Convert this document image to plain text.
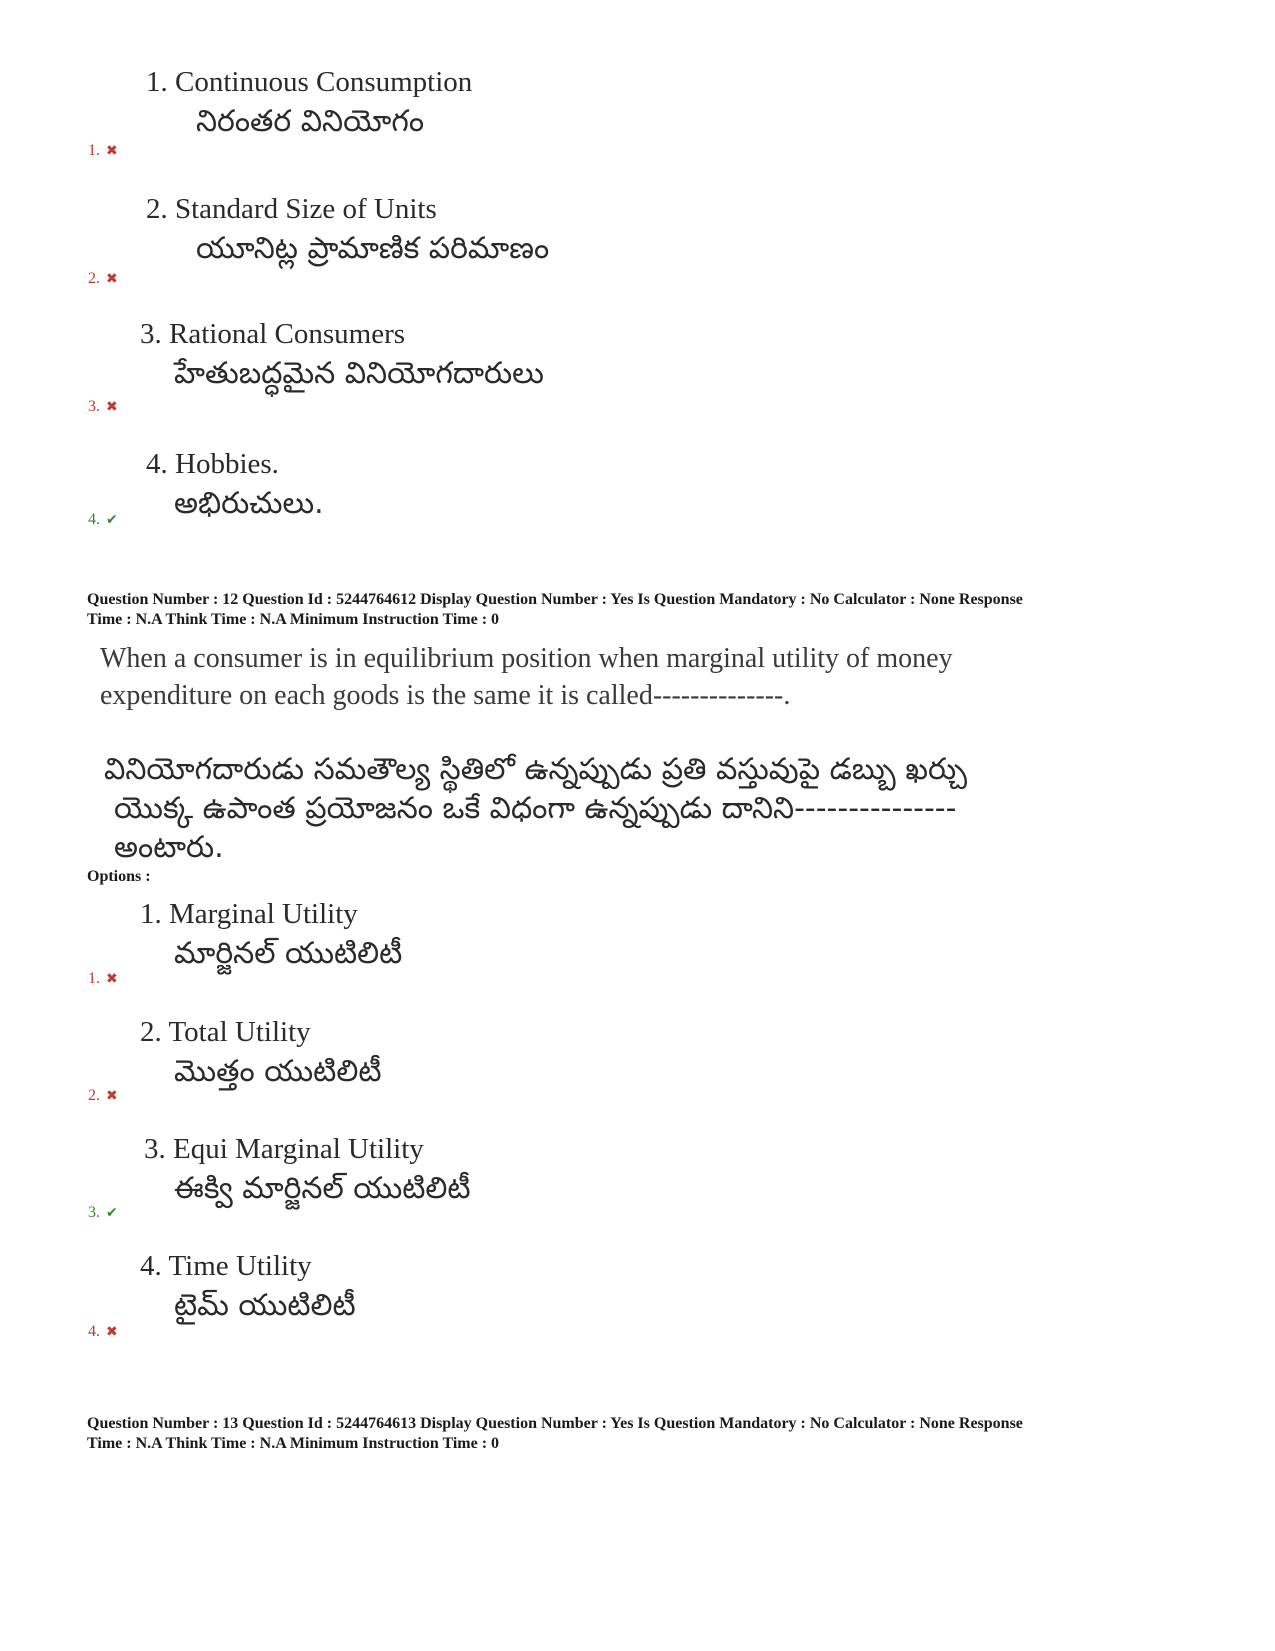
1. Continuous Consumption
నిరంతర వినియోగం
1. ✖
2. Standard Size of Units
యూనిట్ల ప్రామాణిక పరిమాణం
2. ✖
3. Rational Consumers
హేతుబద్ధమైన వినియోగదారులు
3. ✖
4. Hobbies.
అభిరుచులు.
4. ✔
Question Number : 12 Question Id : 5244764612 Display Question Number : Yes Is Question Mandatory : No Calculator : None Response
Time : N.A Think Time : N.A Minimum Instruction Time : 0
When a consumer is in equilibrium position when marginal utility of money
expenditure on each goods is the same it is called--------------.
వినియోగదారుడు సమతౌల్య స్థితిలో ఉన్నప్పుడు ప్రతి వస్తువుపై డబ్బు ఖర్చు
యొక్క ఉపాంత ప్రయోజనం ఒకే విధంగా ఉన్నప్పుడు దానిని---------------
అంటారు.
Options :
1. Marginal Utility
మార్జినల్ యుటిలిటీ
1. ✖
2. Total Utility
మొత్తం యుటిలిటీ
2. ✖
3. Equi Marginal Utility
ఈక్వి మార్జినల్ యుటిలిటీ
3. ✔
4. Time Utility
టైమ్ యుటిలిటీ
4. ✖
Question Number : 13 Question Id : 5244764613 Display Question Number : Yes Is Question Mandatory : No Calculator : None Response
Time : N.A Think Time : N.A Minimum Instruction Time : 0
